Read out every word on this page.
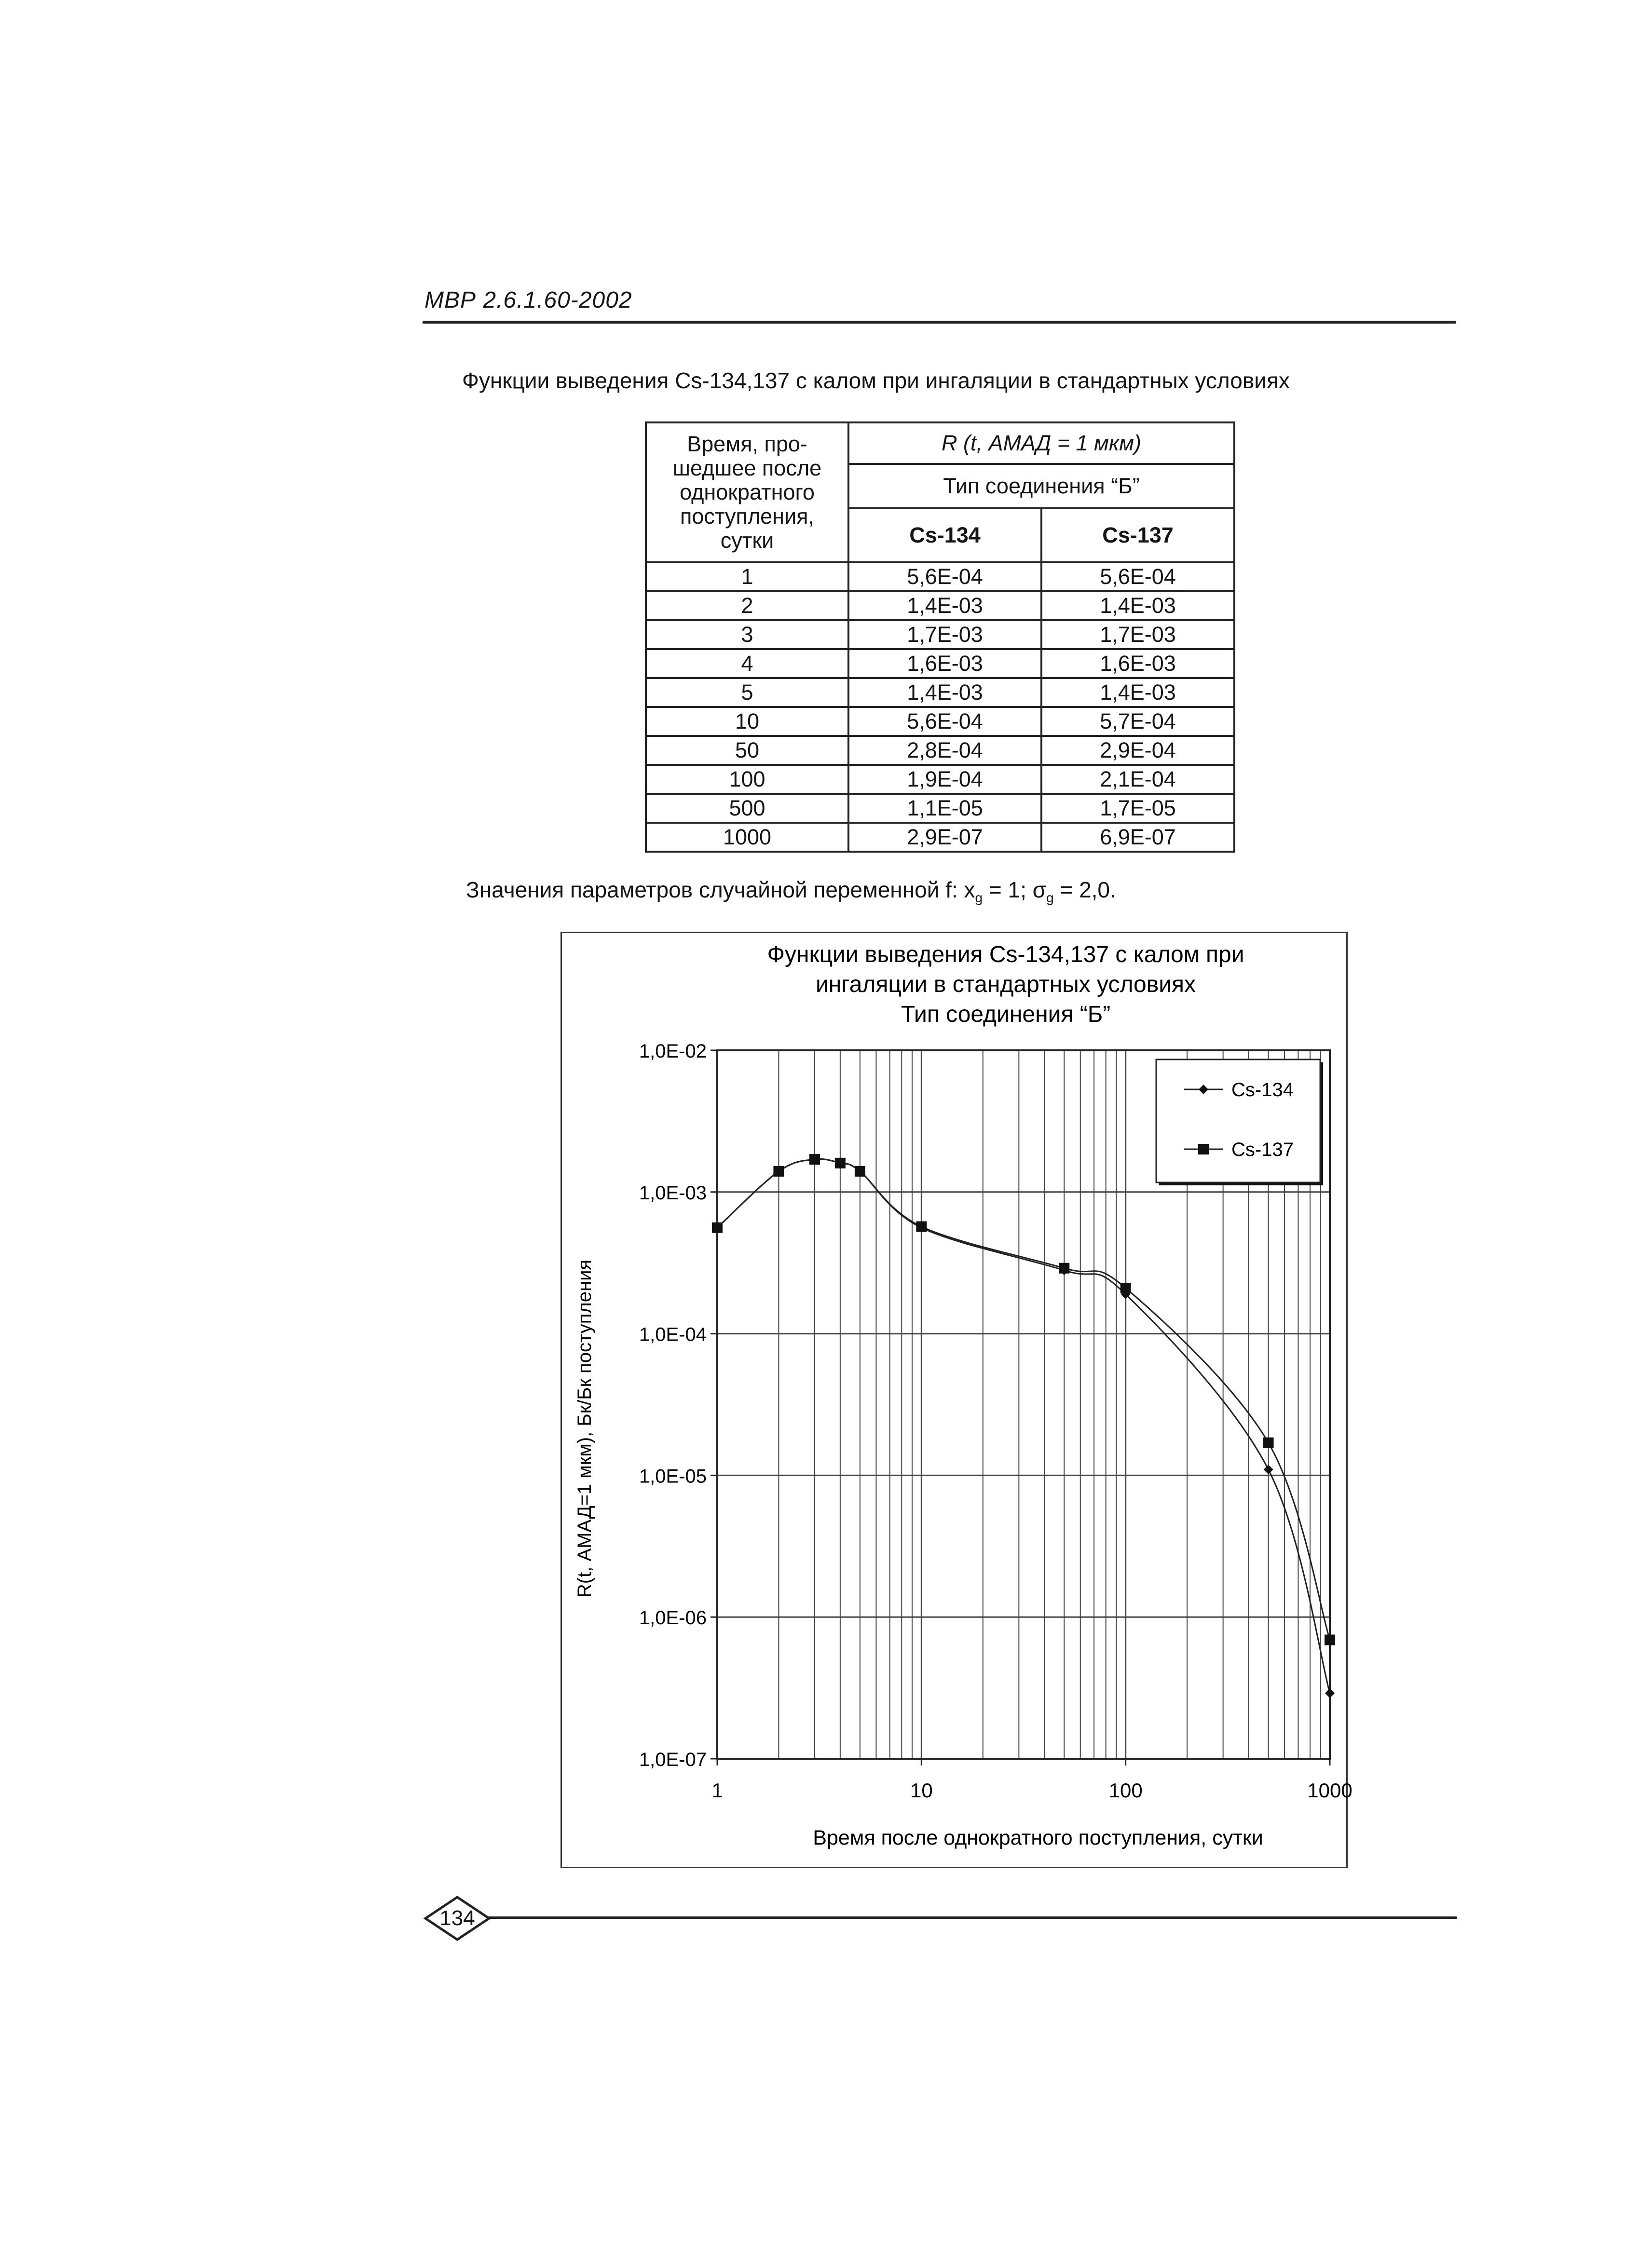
МВР 2.6.1.60-2002
Функции выведения Cs-134,137 с калом при ингаляции в стандартных условиях
Время, про-
шедшее после
однократного
поступления,
сутки	R (t, АМАД = 1 мкм)	
	Тип соединения “Б”	
	Cs-134	Cs-137
1	5,6E-04	5,6E-04
2	1,4E-03	1,4E-03
3	1,7E-03	1,7E-03
4	1,6E-03	1,6E-03
5	1,4E-03	1,4E-03
10	5,6E-04	5,7E-04
50	2,8E-04	2,9E-04
100	1,9E-04	2,1E-04
500	1,1E-05	1,7E-05
1000	2,9E-07	6,9E-07
Значения параметров случайной переменной f: $x_g = 1$; $\sigma_g = 2,0$.
1,0E-02
1,0E-03
1,0E-04
1,0E-05
1,0E-06
1,0E-07
1	10	100	1000
Cs-134
Cs-137
Функции выведения Cs-134,137 с калом при
ингаляции в стандартных условиях
Тип соединения “Б”
Время после однократного поступления, сутки
R(t, АМАД=1 мкм), Бк/Бк поступления
134
